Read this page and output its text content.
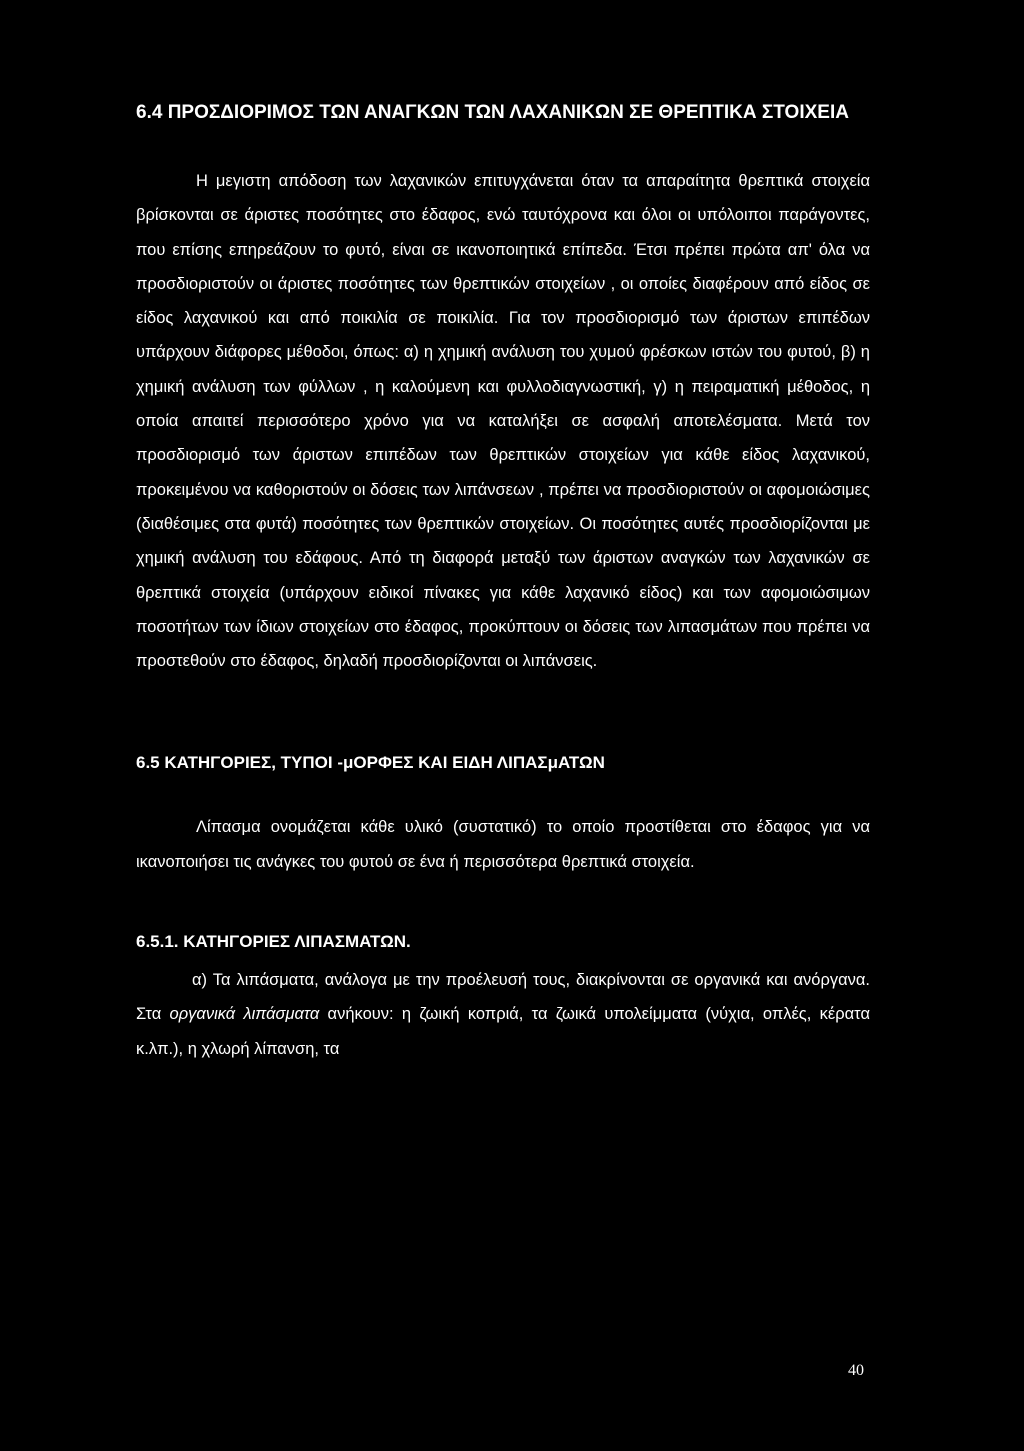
6.4 ΠΡΟΣΔΙΟΡΙΜΟΣ ΤΩΝ ΑΝΑΓΚΩΝ ΤΩΝ ΛΑΧΑΝΙΚΩΝ ΣΕ ΘΡΕΠΤΙΚΑ ΣΤΟΙΧΕΙΑ

Η μεγιστη απόδοση των λαχανικών επιτυγχάνεται όταν τα απαραίτητα θρεπτικά στοιχεία βρίσκονται σε άριστες ποσότητες στο έδαφος, ενώ ταυτόχρονα και όλοι οι υπόλοιποι παράγοντες, που επίσης επηρεάζουν το φυτό, είναι σε ικανοποιητικά επίπεδα. Έτσι πρέπει πρώτα απ' όλα να προσδιοριστούν οι άριστες ποσότητες των θρεπτικών στοιχείων , οι οποίες διαφέρουν από είδος σε είδος λαχανικού και από ποικιλία σε ποικιλία. Για τον προσδιορισμό των άριστων επιπέδων υπάρχουν διάφορες μέθοδοι, όπως: α) η χημική ανάλυση του χυμού φρέσκων ιστών του φυτού, β) η χημική ανάλυση των φύλλων , η καλούμενη και φυλλοδιαγνωστική, γ) η πειραματική μέθοδος, η οποία απαιτεί περισσότερο χρόνο για να καταλήξει σε ασφαλή αποτελέσματα. Μετά τον προσδιορισμό των άριστων επιπέδων των θρεπτικών στοιχείων για κάθε είδος λαχανικού, προκειμένου να καθοριστούν οι δόσεις των λιπάνσεων , πρέπει να προσδιοριστούν οι αφομοιώσιμες (διαθέσιμες στα φυτά) ποσότητες των θρεπτικών στοιχείων. Οι ποσότητες αυτές προσδιορίζονται με χημική ανάλυση του εδάφους. Από τη διαφορά μεταξύ των άριστων αναγκών των λαχανικών σε θρεπτικά στοιχεία (υπάρχουν ειδικοί πίνακες για κάθε λαχανικό είδος) και των αφομοιώσιμων ποσοτήτων των ίδιων στοιχείων στο έδαφος, προκύπτουν οι δόσεις των λιπασμάτων που πρέπει να προστεθούν στο έδαφος, δηλαδή προσδιορίζονται οι λιπάνσεις.

6.5 ΚΑΤΗΓΟΡΙΕΣ, ΤΥΠΟΙ -μΟΡΦΕΣ ΚΑΙ ΕΙΔΗ ΛΙΠΑΣμΑΤΩΝ

Λίπασμα ονομάζεται κάθε υλικό (συστατικό) το οποίο προστίθεται στο έδαφος για να ικανοποιήσει τις ανάγκες του φυτού σε ένα ή περισσότερα θρεπτικά στοιχεία.

6.5.1. ΚΑΤΗΓΟΡΙΕΣ ΛΙΠΑΣΜΑΤΩΝ.

α) Τα λιπάσματα, ανάλογα με την προέλευσή τους, διακρίνονται σε οργανικά και ανόργανα. Στα οργανικά λιπάσματα ανήκουν: η ζωική κοπριά, τα ζωικά υπολείμματα (νύχια, οπλές, κέρατα κ.λπ.), η χλωρή λίπανση, τα

40
